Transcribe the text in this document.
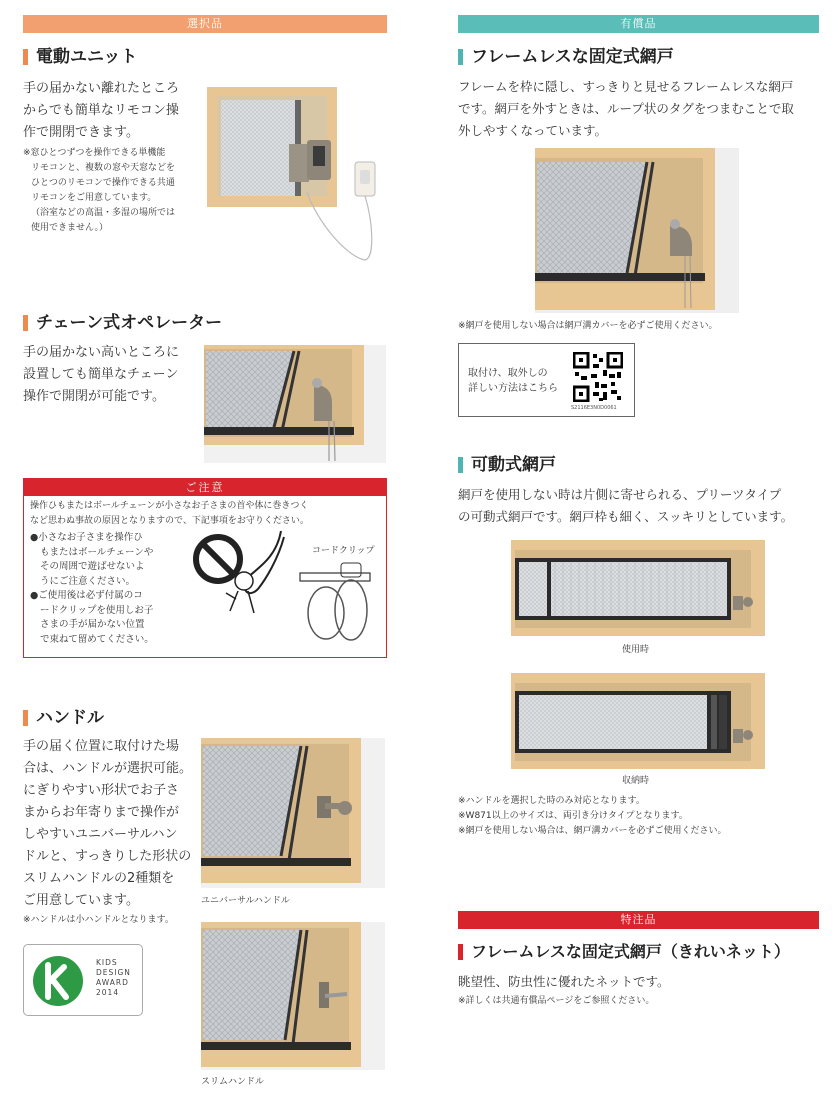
選択品
電動ユニット
手の届かない離れたところ
からでも簡単なリモコン操
作で開閉できます。
※窓ひとつずつを操作できる単機能
リモコンと、複数の窓や天窓などを
ひとつのリモコンで操作できる共通
リモコンをご用意しています。
（浴室などの高温・多湿の場所では
使用できません。）
チェーン式オペレーター
手の届かない高いところに
設置しても簡単なチェーン
操作で開閉が可能です。
ご注意
操作ひもまたはボールチェーンが小さなお子さまの首や体に巻きつく
など思わぬ事故の原因となりますので、下記事項をお守りください。
●小さなお子さまを操作ひ
もまたはボールチェーンや
その周囲で遊ばせないよ
うにご注意ください。
●ご使用後は必ず付属のコ
ードクリップを使用しお子
さまの手が届かない位置
で束ねて留めてください。
コードクリップ
ハンドル
手の届く位置に取付けた場
合は、ハンドルが選択可能。
にぎりやすい形状でお子さ
まからお年寄りまで操作が
しやすいユニバーサルハン
ドルと、すっきりした形状の
スリムハンドルの2種類を
ご用意しています。
※ハンドルは小ハンドルとなります。
ユニバーサルハンドル
スリムハンドル
KIDS
DESIGN
AWARD
2014
有償品
フレームレスな固定式網戸
フレームを枠に隠し、すっきりと見せるフレームレスな網戸
です。網戸を外すときは、ループ状のタグをつまむことで取
外しやすくなっています。
※網戸を使用しない場合は網戸溝カバーを必ずご使用ください。
取付け、取外しの
詳しい方法はこちら
S2116E3N0D0061
可動式網戸
網戸を使用しない時は片側に寄せられる、プリーツタイプ
の可動式網戸です。網戸枠も細く、スッキリとしています。
使用時
収納時
※ハンドルを選択した時のみ対応となります。
※W871以上のサイズは、両引き分けタイプとなります。
※網戸を使用しない場合は、網戸溝カバーを必ずご使用ください。
特注品
フレームレスな固定式網戸（きれいネット）
眺望性、防虫性に優れたネットです。
※詳しくは共通有償品ページをご参照ください。
